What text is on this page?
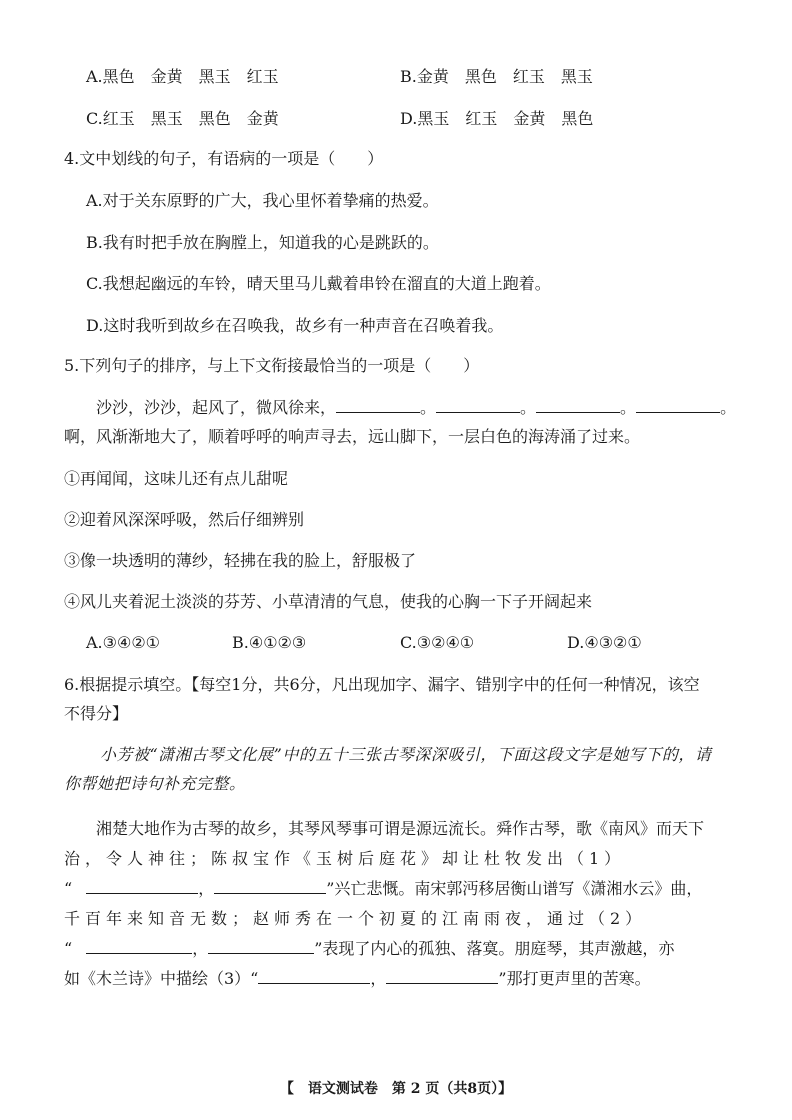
A.黑色　金黄　黑玉　红玉	B.金黄　黑色　红玉　黑玉
C.红玉　黑玉　黑色　金黄	D.黑玉　红玉　金黄　黑色
4.文中划线的句子，有语病的一项是（　　）
A.对于关东原野的广大，我心里怀着挚痛的热爱。
B.我有时把手放在胸膛上，知道我的心是跳跃的。
C.我想起幽远的车铃，晴天里马儿戴着串铃在溜直的大道上跑着。
D.这时我听到故乡在召唤我，故乡有一种声音在召唤着我。
5.下列句子的排序，与上下文衔接最恰当的一项是（　　）
沙沙，沙沙，起风了，微风徐来，	。	。	。	。
啊，风渐渐地大了，顺着呼呼的响声寻去，远山脚下，一层白色的海涛涌了过来。
①再闻闻，这味儿还有点儿甜呢
②迎着风深深呼吸，然后仔细辨别
③像一块透明的薄纱，轻拂在我的脸上，舒服极了
④风儿夹着泥土淡淡的芬芳、小草清清的气息，使我的心胸一下子开阔起来
A.③④②①	B.④①②③	C.③②④①	D.④③②①
6.根据提示填空。【每空1分，共6分，凡出现加字、漏字、错别字中的任何一种情况，该空
不得分】
小芳被“潇湘古琴文化展”中的五十三张古琴深深吸引，下面这段文字是她写下的，请
你帮她把诗句补充完整。
湘楚大地作为古琴的故乡，其琴风琴事可谓是源远流长。舜作古琴，歌《南风》而天下
治，令人神往；陈叔宝作《玉树后庭花》却让杜牧发出（1）
“	，	”兴亡悲慨。南宋郭沔移居衡山谱写《潇湘水云》曲，
千百年来知音无数；赵师秀在一个初夏的江南雨夜，通过（2）
“	，	”表现了内心的孤独、落寞。朋庭琴，其声激越，亦
如《木兰诗》中描绘（3）“	，	”那打更声里的苦寒。
【　语文测试卷　第 2 页（共8页）】
